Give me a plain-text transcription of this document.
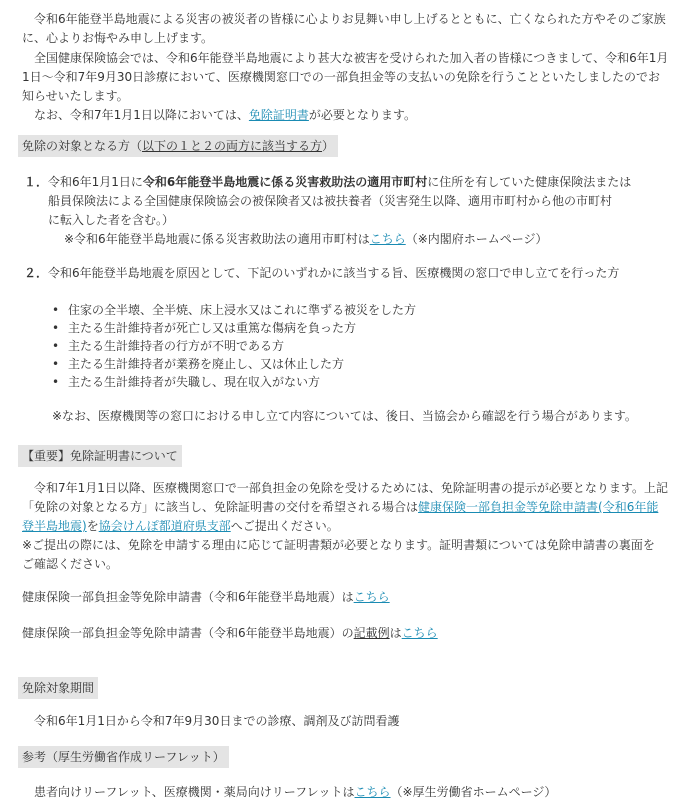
令和6年能登半島地震による災害の被災者の皆様に心よりお見舞い申し上げるとともに、亡くなられた方やそのご家族
に、心よりお悔やみ申し上げます。
全国健康保険協会では、令和6年能登半島地震により甚大な被害を受けられた加入者の皆様につきまして、令和6年1月
1日～令和7年9月30日診療において、医療機関窓口での一部負担金等の支払いの免除を行うことといたしましたのでお
知らせいたします。
なお、令和7年1月1日以降においては、免除証明書が必要となります。
免除の対象となる方（以下の１と２の両方に該当する方）
１．令和6年1月1日に令和6年能登半島地震に係る災害救助法の適用市町村に住所を有していた健康保険法または
船員保険法による全国健康保険協会の被保険者又は被扶養者（災害発生以降、適用市町村から他の市町村
に転入した者を含む。）
※令和6年能登半島地震に係る災害救助法の適用市町村はこちら（※内閣府ホームページ）
２．令和6年能登半島地震を原因として、下記のいずれかに該当する旨、医療機関の窓口で申し立てを行った方
• 住家の全半壊、全半焼、床上浸水又はこれに準ずる被災をした方
• 主たる生計維持者が死亡し又は重篤な傷病を負った方
• 主たる生計維持者の行方が不明である方
• 主たる生計維持者が業務を廃止し、又は休止した方
• 主たる生計維持者が失職し、現在収入がない方
※なお、医療機関等の窓口における申し立て内容については、後日、当協会から確認を行う場合があります。
【重要】免除証明書について
令和7年1月1日以降、医療機関窓口で一部負担金の免除を受けるためには、免除証明書の提示が必要となります。上記
「免除の対象となる方」に該当し、免除証明書の交付を希望される場合は健康保険一部負担金等免除申請書(令和6年能
登半島地震)を協会けんぽ都道府県支部へご提出ください。
※ご提出の際には、免除を申請する理由に応じて証明書類が必要となります。証明書類については免除申請書の裏面を
ご確認ください。
健康保険一部負担金等免除申請書（令和6年能登半島地震）はこちら
健康保険一部負担金等免除申請書（令和6年能登半島地震）の記載例はこちら
免除対象期間
令和6年1月1日から令和7年9月30日までの診療、調剤及び訪問看護
参考（厚生労働省作成リーフレット）
患者向けリーフレット、医療機関・薬局向けリーフレットはこちら（※厚生労働省ホームページ）
